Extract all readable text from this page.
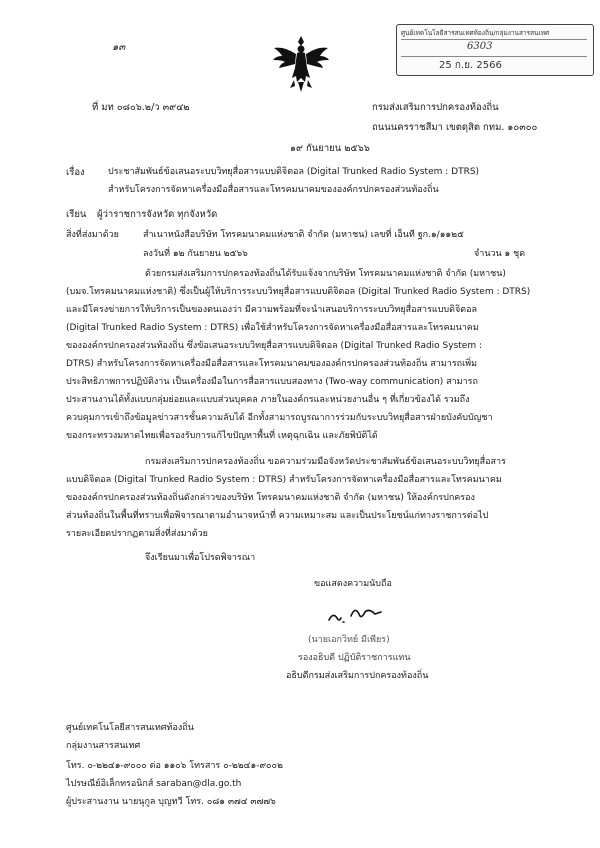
ศูนย์เทคโนโลยีสารสนเทศท้องถิ่น/กลุ่มงานสารสนเทศ
6303
25 ก.ย. 2566
๑๓
ที่ มท ๐๘๐๖.๒/ว ๓๙๔๒	กรมส่งเสริมการปกครองท้องถิ่น
ถนนนครราชสีมา เขตดุสิต กทม. ๑๐๓๐๐
๑๙ กันยายน ๒๕๖๖
เรื่อง	ประชาสัมพันธ์ข้อเสนอระบบวิทยุสื่อสารแบบดิจิตอล (Digital Trunked Radio System : DTRS)
สำหรับโครงการจัดหาเครื่องมือสื่อสารและโทรคมนาคมขององค์กรปกครองส่วนท้องถิ่น
เรียน ผู้ว่าราชการจังหวัด ทุกจังหวัด
สิ่งที่ส่งมาด้วย	สำเนาหนังสือบริษัท โทรคมนาคมแห่งชาติ จำกัด (มหาชน) เลขที่ เอ็นที ฐก.๑/๑๑๒๕
ลงวันที่ ๑๒ กันยายน ๒๕๖๖	จำนวน ๑ ชุด
ด้วยกรมส่งเสริมการปกครองท้องถิ่นได้รับแจ้งจากบริษัท โทรคมนาคมแห่งชาติ จำกัด (มหาชน)
(บมจ.โทรคมนาคมแห่งชาติ) ซึ่งเป็นผู้ให้บริการระบบวิทยุสื่อสารแบบดิจิตอล (Digital Trunked Radio System : DTRS)
และมีโครงข่ายการให้บริการเป็นของตนเองว่า มีความพร้อมที่จะนำเสนอบริการระบบวิทยุสื่อสารแบบดิจิตอล
(Digital Trunked Radio System : DTRS) เพื่อใช้สำหรับโครงการจัดหาเครื่องมือสื่อสารและโทรคมนาคม
ขององค์กรปกครองส่วนท้องถิ่น ซึ่งข้อเสนอระบบวิทยุสื่อสารแบบดิจิตอล (Digital Trunked Radio System :
DTRS) สำหรับโครงการจัดหาเครื่องมือสื่อสารและโทรคมนาคมขององค์กรปกครองส่วนท้องถิ่น สามารถเพิ่ม
ประสิทธิภาพการปฏิบัติงาน เป็นเครื่องมือในการสื่อสารแบบสองทาง (Two-way communication) สามารถ
ประสานงานได้ทั้งแบบกลุ่มย่อยและแบบส่วนบุคคล ภายในองค์กรและหน่วยงานอื่น ๆ ที่เกี่ยวข้องได้ รวมถึง
ควบคุมการเข้าถึงข้อมูลข่าวสารชั้นความลับได้ อีกทั้งสามารถบูรณาการร่วมกับระบบวิทยุสื่อสารฝ่ายบังคับบัญชา
ของกระทรวงมหาดไทยเพื่อรองรับการแก้ไขปัญหาพื้นที่ เหตุฉุกเฉิน และภัยพิบัติได้
กรมส่งเสริมการปกครองท้องถิ่น ขอความร่วมมือจังหวัดประชาสัมพันธ์ข้อเสนอระบบวิทยุสื่อสาร
แบบดิจิตอล (Digital Trunked Radio System : DTRS) สำหรับโครงการจัดหาเครื่องมือสื่อสารและโทรคมนาคม
ขององค์กรปกครองส่วนท้องถิ่นดังกล่าวของบริษัท โทรคมนาคมแห่งชาติ จำกัด (มหาชน) ให้องค์กรปกครอง
ส่วนท้องถิ่นในพื้นที่ทราบเพื่อพิจารณาตามอำนาจหน้าที่ ความเหมาะสม และเป็นประโยชน์แก่ทางราชการต่อไป
รายละเอียดปรากฏตามสิ่งที่ส่งมาด้วย
จึงเรียนมาเพื่อโปรดพิจารณา
ขอแสดงความนับถือ
(นายเอกวิทย์ มีเพียร)
รองอธิบดี ปฏิบัติราชการแทน
อธิบดีกรมส่งเสริมการปกครองท้องถิ่น
ศูนย์เทคโนโลยีสารสนเทศท้องถิ่น
กลุ่มงานสารสนเทศ
โทร. ๐-๒๒๔๑-๙๐๐๐ ต่อ ๑๑๐๖ โทรสาร ๐-๒๒๔๑-๙๐๐๒
ไปรษณีย์อิเล็กทรอนิกส์ saraban@dla.go.th
ผู้ประสานงาน นายนุกูล บุญทวี โทร. ๐๘๑ ๓๗๔ ๓๗๗๖
